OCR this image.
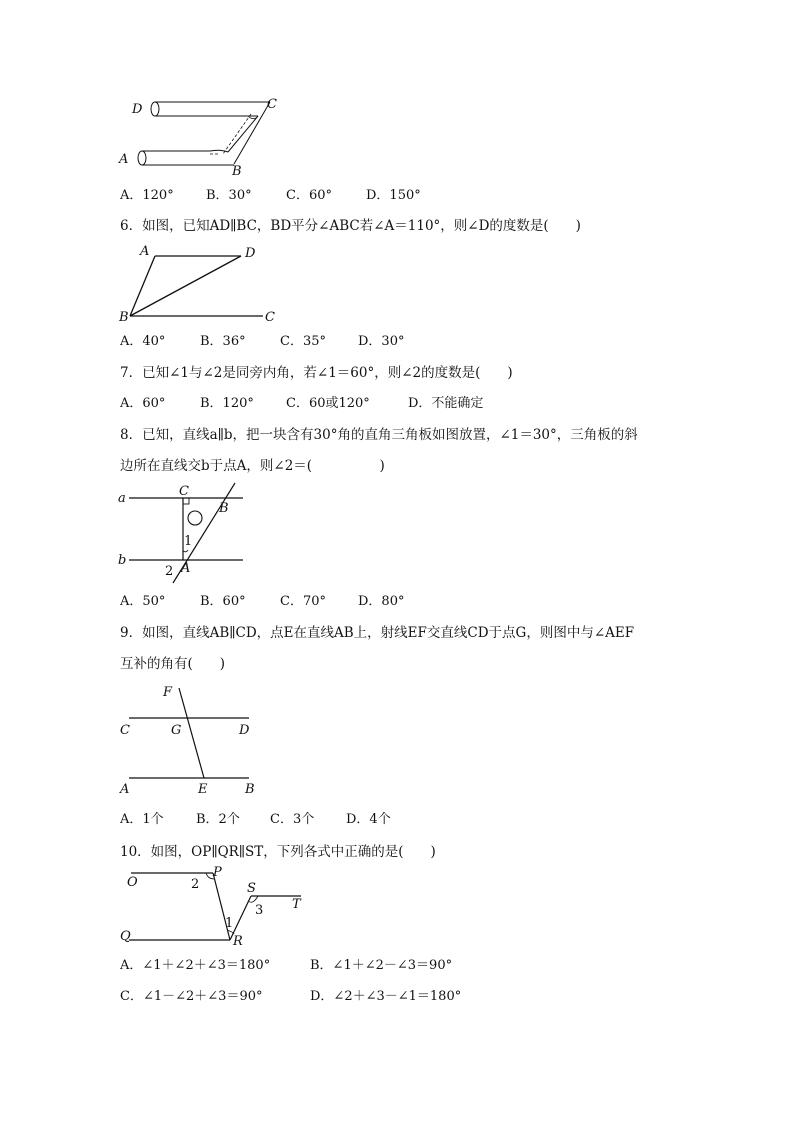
D	C
A
B
A．120° B．30°	C．60°	D．150°
6．如图，已知AD∥BC，BD平分∠ABC若∠A＝110°，则∠D的度数是(　　)
A	D
B	C
A．40°	B．36°	C．35° D．30°
7．已知∠1与∠2是同旁内角，若∠1＝60°，则∠2的度数是(　　)
A．60°	B．120° C．60或120°	D．不能确定
8．已知，直线a∥b，把一块含有30°角的直角三角板如图放置，∠1＝30°，三角板的斜
边所在直线交b于点A，则∠2＝(　　　　　)
a
b
C
B
1
2 A
A．50°	B．60°	C．70° D．80°
9．如图，直线AB∥CD，点E在直线AB上，射线EF交直线CD于点G，则图中与∠AEF
互补的角有(　　)
F
C	G	D
A	E	B
A．1个 B．2个 C．3个 D．4个
10．如图，OP∥QR∥ST，下列各式中正确的是(　　)
O
P
2	S
T
3
1
Q	R
A．∠1＋∠2＋∠3＝180°	B．∠1＋∠2－∠3＝90°
C．∠1－∠2＋∠3＝90°	D．∠2＋∠3－∠1＝180°
